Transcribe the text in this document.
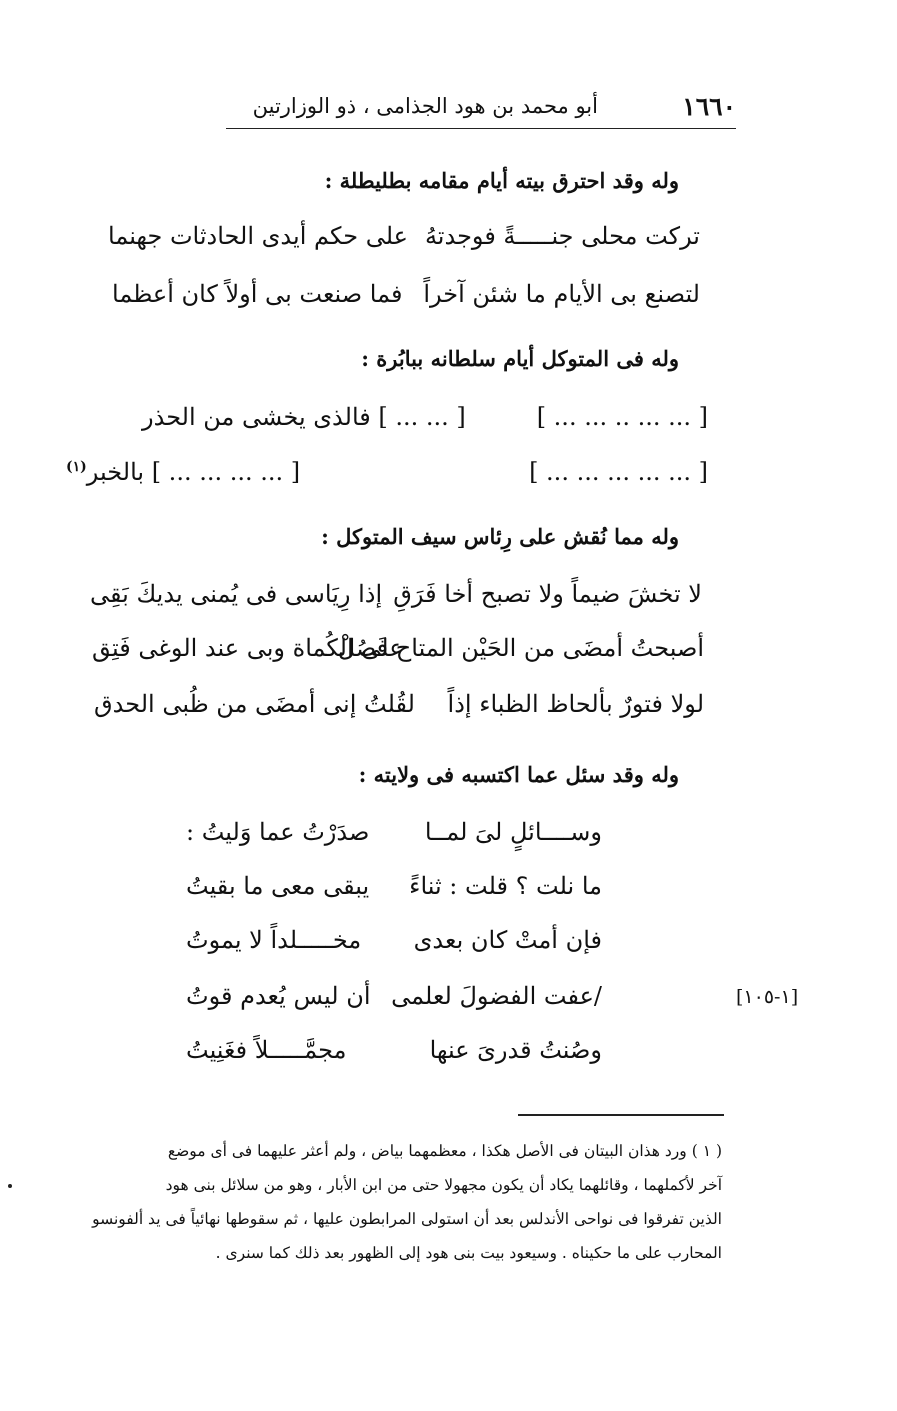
١٦٦٠
أبو محمد بن هود الجذامى ، ذو الوزارتين
وله وقد احترق بيته أيام مقامه بطليطلة :
تركت محلى جنـــــةً فوجدتهُ
على حكم أيدى الحادثات جهنما
لتصنع بى الأيام ما شئن آخراً
فما صنعت بى أولاً كان أعظما
وله فى المتوكل أيام سلطانه ببابُرة :
[ ... ... .. ... ... ]
[ ... ... ] فالذى يخشى من الحذر
[ ... ... ... ... ... ]
[ ... ... ... ... ] بالخبر$^{(١)}$
وله مما نُقش على رِئاس سيف المتوكل :
لا تخشَ ضيماً ولا تصبح أخا فَرَقِ
إذا رِيَاسى فى يُمنى يديكَ بَقِى
أصبحتُ أمضَى من الحَيْن المتاح فَصُلْ
على الكُماة وبى عند الوغى فَتِق
لولا فتورٌ بألحاظ الظباء إذاً
لقُلتُ إنى أمضَى من ظُبى الحدق
وله وقد سئل عما اكتسبه فى ولايته :
وســــائلٍ لىَ لمــا
صدَرْتُ عما وَليتُ :
ما نلت ؟ قلت : ثناءً
يبقى معى ما بقيتُ
فإن أمتْ كان بعدى
مخـــــلداً لا يموتُ
/عفت الفضولَ لعلمى
أن ليس يُعدم قوتُ
وصُنتُ قدرىَ عنها
مجمَّـــــلاً فغَنِيتُ
[١-١٠٥]
( ١ ) ورد هذان البيتان فى الأصل هكذا ، معظمهما بياض ، ولم أعثر عليهما فى أى موضع
آخر لأكملهما ، وقائلهما يكاد أن يكون مجهولا حتى من ابن الأبار ، وهو من سلائل بنى هود
الذين تفرقوا فى نواحى الأندلس بعد أن استولى المرابطون عليها ، ثم سقوطها نهائياً فى يد ألفونسو
المحارب على ما حكيناه . وسيعود بيت بنى هود إلى الظهور بعد ذلك كما سنرى .
